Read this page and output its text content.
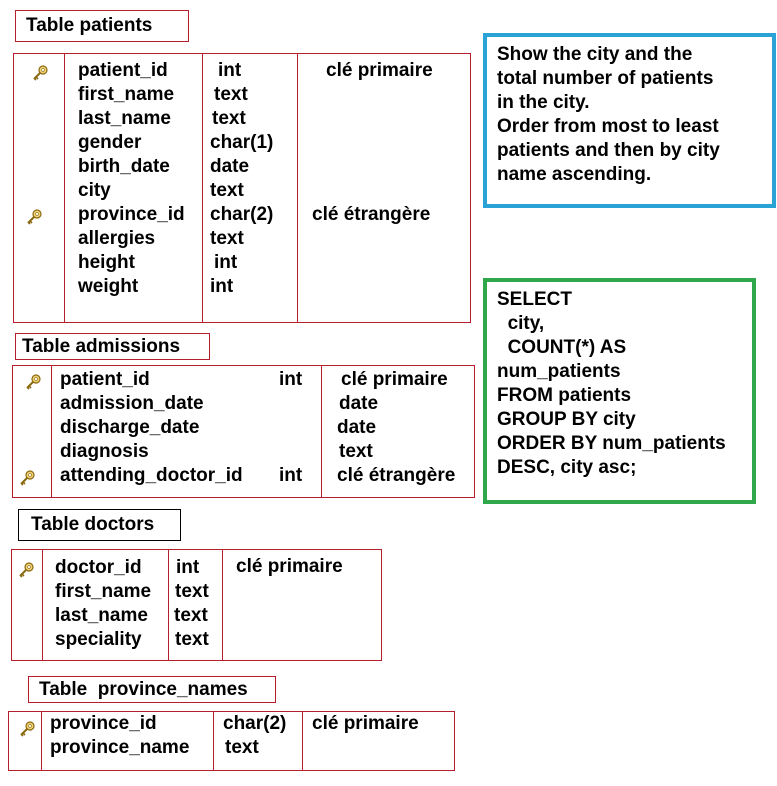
Table patients
patient_id
first_name
last_name
gender
birth_date
city
province_id
allergies
height
weight
int
text
text
char(1)
date
text
char(2)
text
int
int
clé primaire
clé étrangère
Show the city and the
total number of patients
in the city.
Order from most to least
patients and then by city
name ascending.
SELECT
city,
COUNT(*) AS
num_patients
FROM patients
GROUP BY city
ORDER BY num_patients
DESC, city asc;
Table admissions
patient_id
admission_date
discharge_date
diagnosis
attending_doctor_id
int
int
clé primaire
date
date
text
clé étrangère
Table doctors
doctor_id
first_name
last_name
speciality
int
text
text
text
clé primaire
Table  province_names
province_id
province_name
char(2)
text
clé primaire
